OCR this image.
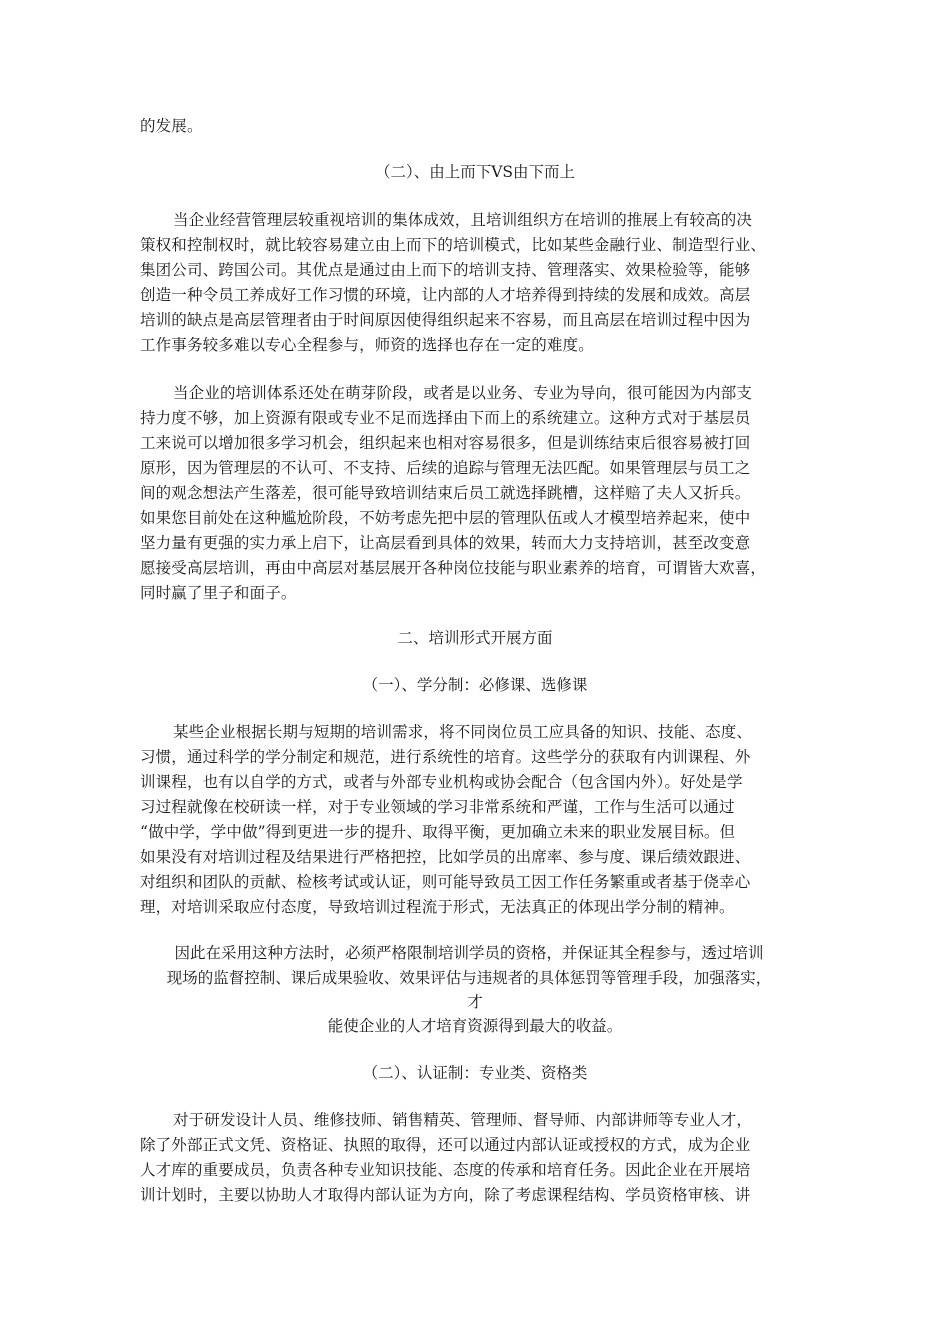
的发展。
（二）、由上而下VS由下而上
当企业经营管理层较重视培训的集体成效，且培训组织方在培训的推展上有较高的决
策权和控制权时，就比较容易建立由上而下的培训模式，比如某些金融行业、制造型行业、
集团公司、跨国公司。其优点是通过由上而下的培训支持、管理落实、效果检验等，能够
创造一种令员工养成好工作习惯的环境，让内部的人才培养得到持续的发展和成效。高层
培训的缺点是高层管理者由于时间原因使得组织起来不容易，而且高层在培训过程中因为
工作事务较多难以专心全程参与，师资的选择也存在一定的难度。
当企业的培训体系还处在萌芽阶段，或者是以业务、专业为导向，很可能因为内部支
持力度不够，加上资源有限或专业不足而选择由下而上的系统建立。这种方式对于基层员
工来说可以增加很多学习机会，组织起来也相对容易很多，但是训练结束后很容易被打回
原形，因为管理层的不认可、不支持、后续的追踪与管理无法匹配。如果管理层与员工之
间的观念想法产生落差，很可能导致培训结束后员工就选择跳槽，这样赔了夫人又折兵。
如果您目前处在这种尴尬阶段，不妨考虑先把中层的管理队伍或人才模型培养起来，使中
坚力量有更强的实力承上启下，让高层看到具体的效果，转而大力支持培训，甚至改变意
愿接受高层培训，再由中高层对基层展开各种岗位技能与职业素养的培育，可谓皆大欢喜，
同时赢了里子和面子。
二、培训形式开展方面
（一）、学分制：必修课、选修课
某些企业根据长期与短期的培训需求，将不同岗位员工应具备的知识、技能、态度、
习惯，通过科学的学分制定和规范，进行系统性的培育。这些学分的获取有内训课程、外
训课程，也有以自学的方式，或者与外部专业机构或协会配合（包含国内外）。好处是学
习过程就像在校研读一样，对于专业领域的学习非常系统和严谨，工作与生活可以通过
“做中学，学中做”得到更进一步的提升、取得平衡，更加确立未来的职业发展目标。但
如果没有对培训过程及结果进行严格把控，比如学员的出席率、参与度、课后绩效跟进、
对组织和团队的贡献、检核考试或认证，则可能导致员工因工作任务繁重或者基于侥幸心
理，对培训采取应付态度，导致培训过程流于形式，无法真正的体现出学分制的精神。
因此在采用这种方法时，必须严格限制培训学员的资格，并保证其全程参与，透过培训
现场的监督控制、课后成果验收、效果评估与违规者的具体惩罚等管理手段，加强落实，
才
能使企业的人才培育资源得到最大的收益。
（二）、认证制：专业类、资格类
对于研发设计人员、维修技师、销售精英、管理师、督导师、内部讲师等专业人才，
除了外部正式文凭、资格证、执照的取得，还可以通过内部认证或授权的方式，成为企业
人才库的重要成员，负责各种专业知识技能、态度的传承和培育任务。因此企业在开展培
训计划时，主要以协助人才取得内部认证为方向，除了考虑课程结构、学员资格审核、讲
